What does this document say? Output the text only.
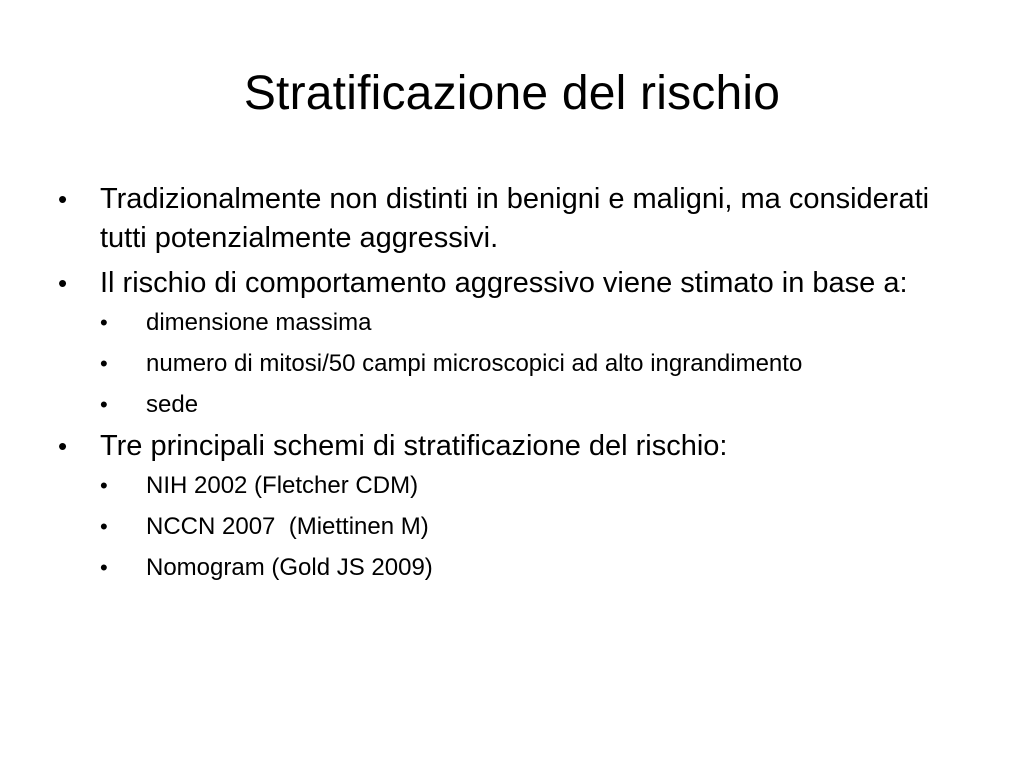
Stratificazione del rischio
• Tradizionalmente non distinti in benigni e maligni, ma considerati tutti potenzialmente aggressivi.
• Il rischio di comportamento aggressivo viene stimato in base a:
• dimensione massima
• numero di mitosi/50 campi microscopici ad alto ingrandimento
• sede
• Tre principali schemi di stratificazione del rischio:
• NIH 2002 (Fletcher CDM)
• NCCN 2007  (Miettinen M)
• Nomogram (Gold JS 2009)
